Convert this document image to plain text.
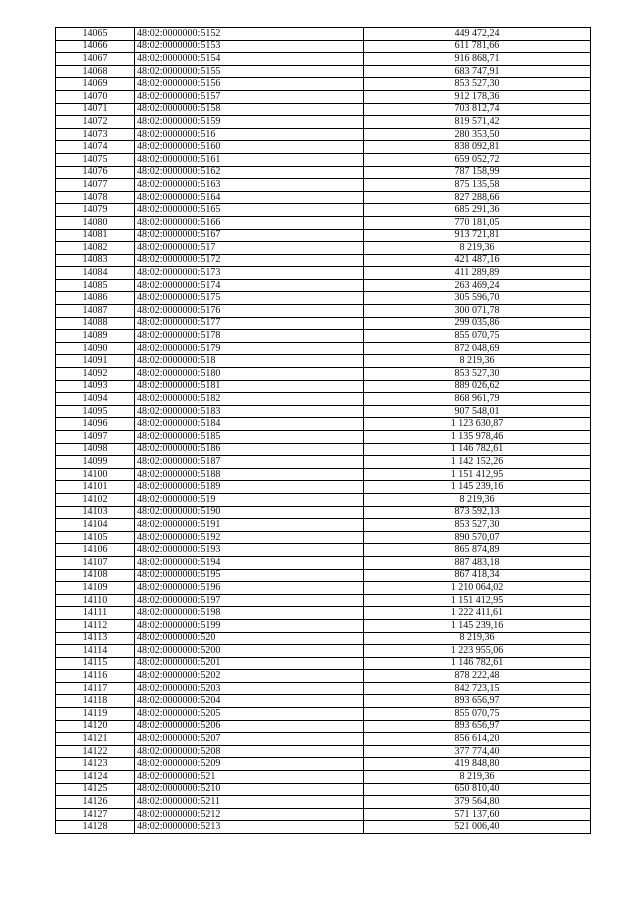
14065	48:02:0000000:5152	449 472,24
14066	48:02:0000000:5153	611 781,66
14067	48:02:0000000:5154	916 868,71
14068	48:02:0000000:5155	683 747,91
14069	48:02:0000000:5156	853 527,30
14070	48:02:0000000:5157	912 178,36
14071	48:02:0000000:5158	703 812,74
14072	48:02:0000000:5159	819 571,42
14073	48:02:0000000:516	280 353,50
14074	48:02:0000000:5160	838 092,81
14075	48:02:0000000:5161	659 052,72
14076	48:02:0000000:5162	787 158,99
14077	48:02:0000000:5163	875 135,58
14078	48:02:0000000:5164	827 288,66
14079	48:02:0000000:5165	685 291,36
14080	48:02:0000000:5166	770 181,05
14081	48:02:0000000:5167	913 721,81
14082	48:02:0000000:517	8 219,36
14083	48:02:0000000:5172	421 487,16
14084	48:02:0000000:5173	411 289,89
14085	48:02:0000000:5174	263 469,24
14086	48:02:0000000:5175	305 596,70
14087	48:02:0000000:5176	300 071,78
14088	48:02:0000000:5177	299 035,86
14089	48:02:0000000:5178	855 070,75
14090	48:02:0000000:5179	872 048,69
14091	48:02:0000000:518	8 219,36
14092	48:02:0000000:5180	853 527,30
14093	48:02:0000000:5181	889 026,62
14094	48:02:0000000:5182	868 961,79
14095	48:02:0000000:5183	907 548,01
14096	48:02:0000000:5184	1 123 630,87
14097	48:02:0000000:5185	1 135 978,46
14098	48:02:0000000:5186	1 146 782,61
14099	48:02:0000000:5187	1 142 152,26
14100	48:02:0000000:5188	1 151 412,95
14101	48:02:0000000:5189	1 145 239,16
14102	48:02:0000000:519	8 219,36
14103	48:02:0000000:5190	873 592,13
14104	48:02:0000000:5191	853 527,30
14105	48:02:0000000:5192	890 570,07
14106	48:02:0000000:5193	865 874,89
14107	48:02:0000000:5194	887 483,18
14108	48:02:0000000:5195	867 418,34
14109	48:02:0000000:5196	1 210 064,02
14110	48:02:0000000:5197	1 151 412,95
14111	48:02:0000000:5198	1 222 411,61
14112	48:02:0000000:5199	1 145 239,16
14113	48:02:0000000:520	8 219,36
14114	48:02:0000000:5200	1 223 955,06
14115	48:02:0000000:5201	1 146 782,61
14116	48:02:0000000:5202	878 222,48
14117	48:02:0000000:5203	842 723,15
14118	48:02:0000000:5204	893 656,97
14119	48:02:0000000:5205	855 070,75
14120	48:02:0000000:5206	893 656,97
14121	48:02:0000000:5207	856 614,20
14122	48:02:0000000:5208	377 774,40
14123	48:02:0000000:5209	419 848,80
14124	48:02:0000000:521	8 219,36
14125	48:02:0000000:5210	650 810,40
14126	48:02:0000000:5211	379 564,80
14127	48:02:0000000:5212	571 137,60
14128	48:02:0000000:5213	521 006,40
